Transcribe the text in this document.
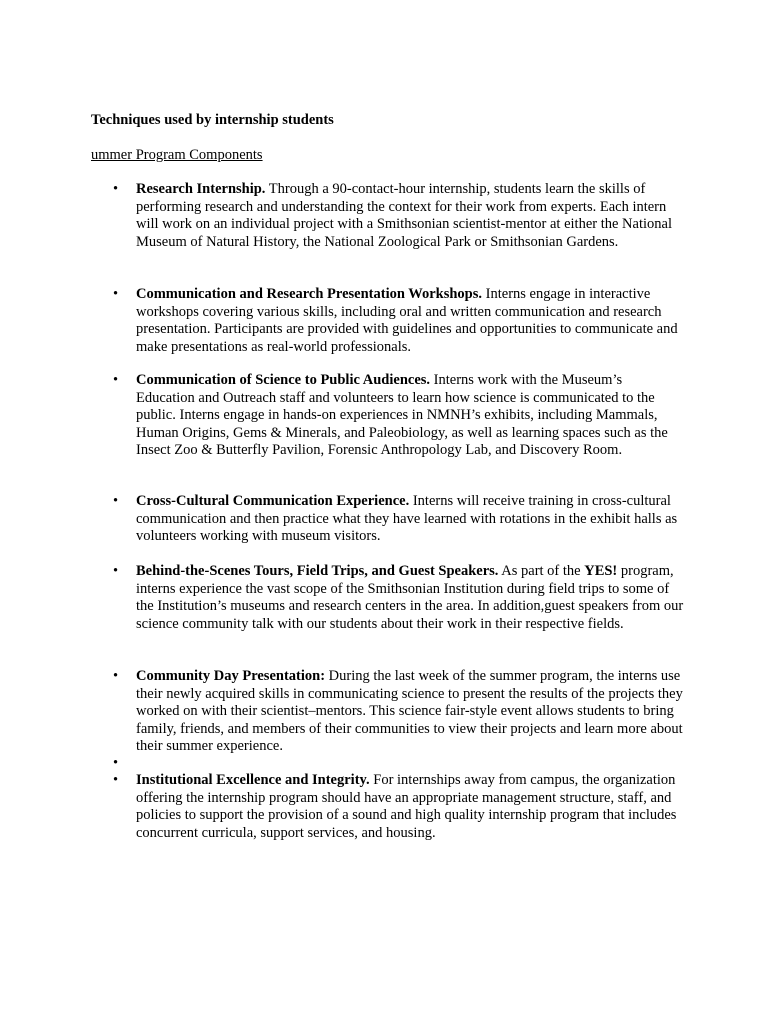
Techniques used by internship students
ummer Program Components
• Research Internship. Through a 90-contact-hour internship, students learn the skills of performing research and understanding the context for their work from experts. Each intern will work on an individual project with a Smithsonian scientist-mentor at either the National Museum of Natural History, the National Zoological Park or Smithsonian Gardens.
• Communication and Research Presentation Workshops. Interns engage in interactive workshops covering various skills, including oral and written communication and research presentation. Participants are provided with guidelines and opportunities to communicate and make presentations as real-world professionals.
• Communication of Science to Public Audiences. Interns work with the Museum’s Education and Outreach staff and volunteers to learn how science is communicated to the public. Interns engage in hands-on experiences in NMNH’s exhibits, including Mammals, Human Origins, Gems & Minerals, and Paleobiology, as well as learning spaces such as the Insect Zoo & Butterfly Pavilion, Forensic Anthropology Lab, and Discovery Room.
• Cross-Cultural Communication Experience. Interns will receive training in cross-cultural communication and then practice what they have learned with rotations in the exhibit halls as volunteers working with museum visitors.
• Behind-the-Scenes Tours, Field Trips, and Guest Speakers. As part of the YES! program, interns experience the vast scope of the Smithsonian Institution during field trips to some of the Institution’s museums and research centers in the area. In addition,guest speakers from our science community talk with our students about their work in their respective fields.
• Community Day Presentation: During the last week of the summer program, the interns use their newly acquired skills in communicating science to present the results of the projects they worked on with their scientist–mentors. This science fair-style event allows students to bring family, friends, and members of their communities to view their projects and learn more about their summer experience.
•
• Institutional Excellence and Integrity. For internships away from campus, the organization offering the internship program should have an appropriate management structure, staff, and policies to support the provision of a sound and high quality internship program that includes concurrent curricula, support services, and housing.
